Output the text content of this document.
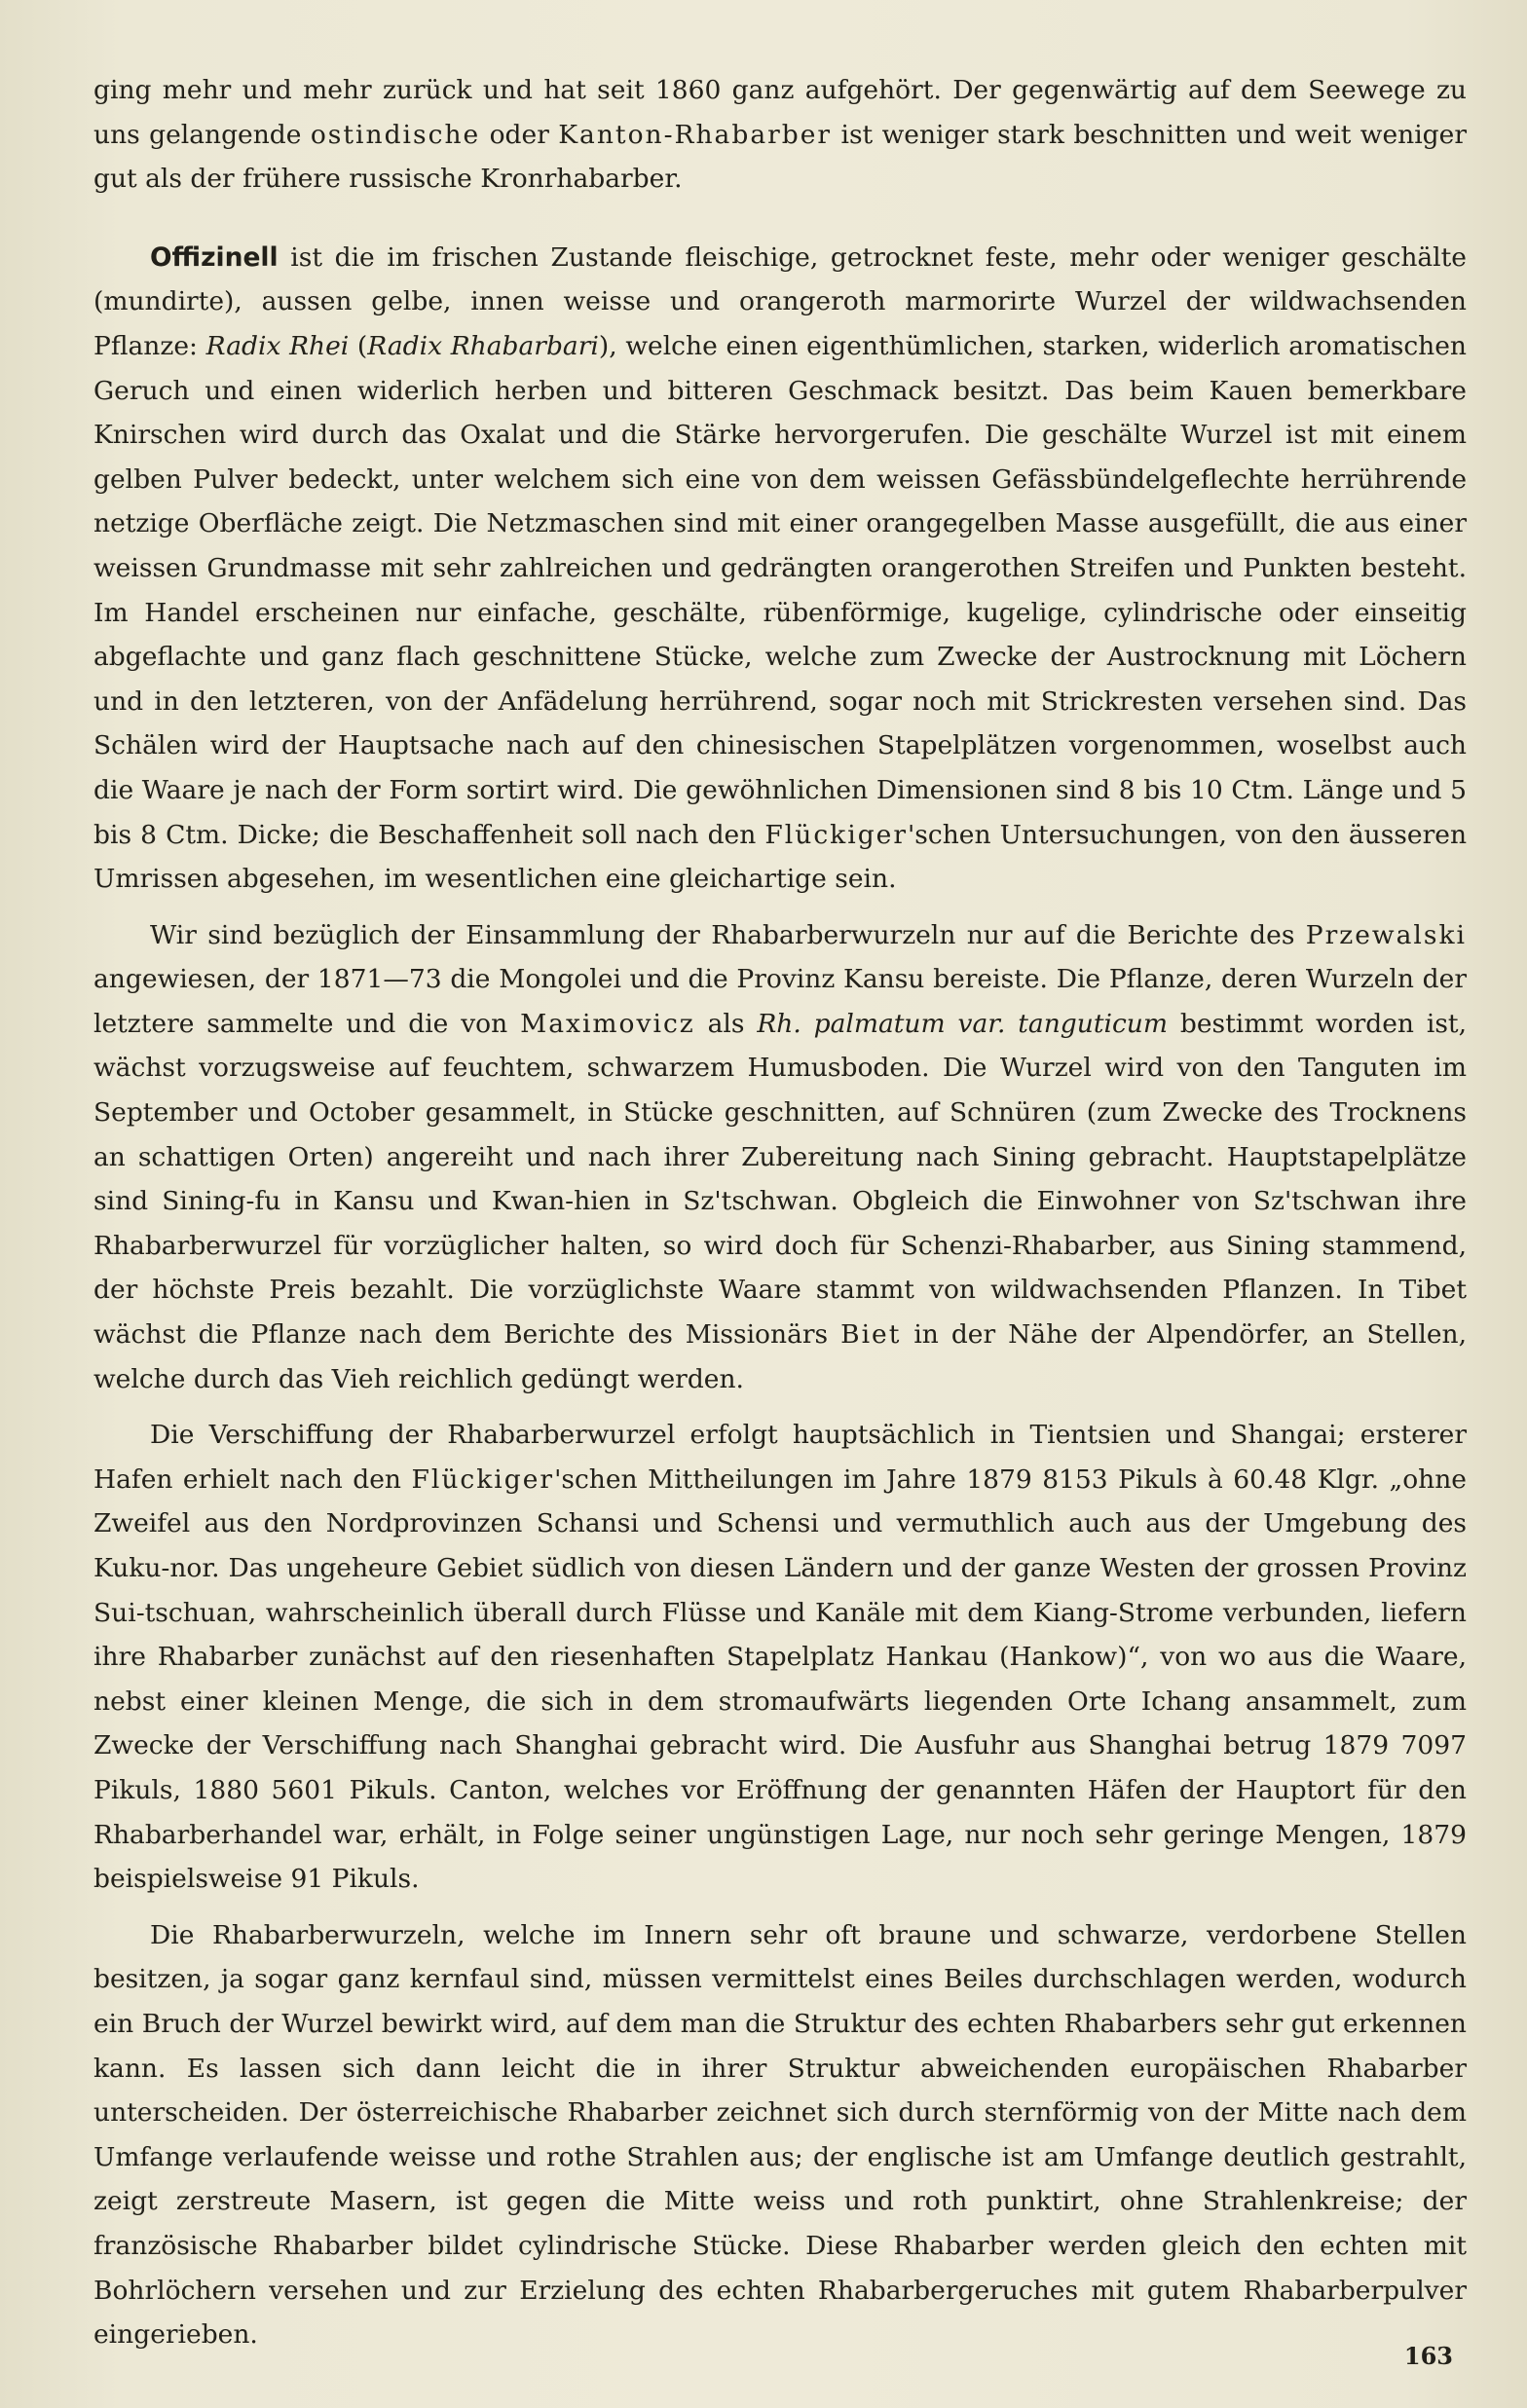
ging mehr und mehr zurück und hat seit 1860 ganz aufgehört. Der gegenwärtig auf dem Seewege zu uns gelangende ostindische oder Kanton-Rhabarber ist weniger stark beschnitten und weit weniger gut als der frühere russische Kronrhabarber.

Offizinell ist die im frischen Zustande fleischige, getrocknet feste, mehr oder weniger geschälte (mundirte), aussen gelbe, innen weisse und orangeroth marmorirte Wurzel der wildwachsenden Pflanze: Radix Rhei (Radix Rhabarbari), welche einen eigenthümlichen, starken, widerlich aromatischen Geruch und einen widerlich herben und bitteren Geschmack besitzt. Das beim Kauen bemerkbare Knirschen wird durch das Oxalat und die Stärke hervorgerufen. Die geschälte Wurzel ist mit einem gelben Pulver bedeckt, unter welchem sich eine von dem weissen Gefässbündelgeflechte herrührende netzige Oberfläche zeigt. Die Netzmaschen sind mit einer orangegelben Masse ausgefüllt, die aus einer weissen Grundmasse mit sehr zahlreichen und gedrängten orangerothen Streifen und Punkten besteht. Im Handel erscheinen nur einfache, geschälte, rübenförmige, kugelige, cylindrische oder einseitig abgeflachte und ganz flach geschnittene Stücke, welche zum Zwecke der Austrocknung mit Löchern und in den letzteren, von der Anfädelung herrührend, sogar noch mit Strickresten versehen sind. Das Schälen wird der Hauptsache nach auf den chinesischen Stapelplätzen vorgenommen, woselbst auch die Waare je nach der Form sortirt wird. Die gewöhnlichen Dimensionen sind 8 bis 10 Ctm. Länge und 5 bis 8 Ctm. Dicke; die Beschaffenheit soll nach den Flückiger'schen Untersuchungen, von den äusseren Umrissen abgesehen, im wesentlichen eine gleichartige sein.

Wir sind bezüglich der Einsammlung der Rhabarberwurzeln nur auf die Berichte des Przewalski angewiesen, der 1871—73 die Mongolei und die Provinz Kansu bereiste. Die Pflanze, deren Wurzeln der letztere sammelte und die von Maximovicz als Rh. palmatum var. tanguticum bestimmt worden ist, wächst vorzugsweise auf feuchtem, schwarzem Humusboden. Die Wurzel wird von den Tanguten im September und October gesammelt, in Stücke geschnitten, auf Schnüren (zum Zwecke des Trocknens an schattigen Orten) angereiht und nach ihrer Zubereitung nach Sining gebracht. Hauptstapelplätze sind Sining-fu in Kansu und Kwan-hien in Sz'tschwan. Obgleich die Einwohner von Sz'tschwan ihre Rhabarberwurzel für vorzüglicher halten, so wird doch für Schenzi-Rhabarber, aus Sining stammend, der höchste Preis bezahlt. Die vorzüglichste Waare stammt von wildwachsenden Pflanzen. In Tibet wächst die Pflanze nach dem Berichte des Missionärs Biet in der Nähe der Alpendörfer, an Stellen, welche durch das Vieh reichlich gedüngt werden.

Die Verschiffung der Rhabarberwurzel erfolgt hauptsächlich in Tientsien und Shangai; ersterer Hafen erhielt nach den Flückiger'schen Mittheilungen im Jahre 1879 8153 Pikuls à 60.48 Klgr. „ohne Zweifel aus den Nordprovinzen Schansi und Schensi und vermuthlich auch aus der Umgebung des Kuku-nor. Das ungeheure Gebiet südlich von diesen Ländern und der ganze Westen der grossen Provinz Sui-tschuan, wahrscheinlich überall durch Flüsse und Kanäle mit dem Kiang-Strome verbunden, liefern ihre Rhabarber zunächst auf den riesenhaften Stapelplatz Hankau (Hankow)“, von wo aus die Waare, nebst einer kleinen Menge, die sich in dem stromaufwärts liegenden Orte Ichang ansammelt, zum Zwecke der Verschiffung nach Shanghai gebracht wird. Die Ausfuhr aus Shanghai betrug 1879 7097 Pikuls, 1880 5601 Pikuls. Canton, welches vor Eröffnung der genannten Häfen der Hauptort für den Rhabarberhandel war, erhält, in Folge seiner ungünstigen Lage, nur noch sehr geringe Mengen, 1879 beispielsweise 91 Pikuls.

Die Rhabarberwurzeln, welche im Innern sehr oft braune und schwarze, verdorbene Stellen besitzen, ja sogar ganz kernfaul sind, müssen vermittelst eines Beiles durchschlagen werden, wodurch ein Bruch der Wurzel bewirkt wird, auf dem man die Struktur des echten Rhabarbers sehr gut erkennen kann. Es lassen sich dann leicht die in ihrer Struktur abweichenden europäischen Rhabarber unterscheiden. Der österreichische Rhabarber zeichnet sich durch sternförmig von der Mitte nach dem Umfange verlaufende weisse und rothe Strahlen aus; der englische ist am Umfange deutlich gestrahlt, zeigt zerstreute Masern, ist gegen die Mitte weiss und roth punktirt, ohne Strahlenkreise; der französische Rhabarber bildet cylindrische Stücke. Diese Rhabarber werden gleich den echten mit Bohrlöchern versehen und zur Erzielung des echten Rhabarbergeruches mit gutem Rhabarberpulver eingerieben.

163
